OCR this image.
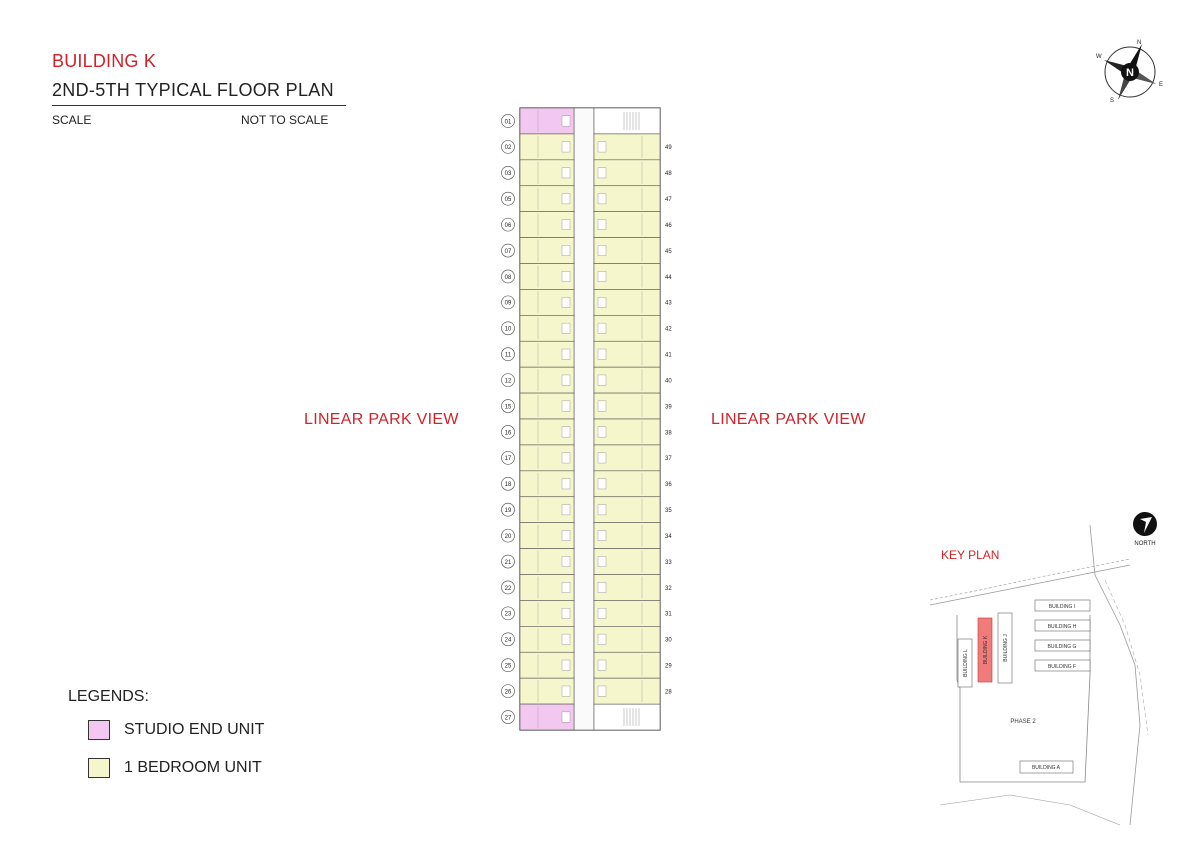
BUILDING K
2ND-5TH TYPICAL FLOOR PLAN
SCALE	NOT TO SCALE
N
N
E
S
W
LINEAR PARK VIEW	LINEAR PARK VIEW
01
02
03
05
06
07
08
09
10
11
12
15
16
17
18
19
20
21
22
23
24
25
26
27
49
48
47
46
45
44
43
42
41
40
39
38
37
36
35
34
33
32
31
30
29
28
LEGENDS:
STUDIO END UNIT
1 BEDROOM UNIT
KEY PLAN
NORTH
BUILDING I
BUILDING H
BUILDING G
BUILDING F
BUILDING L	BUILDING K	BUILDING J
PHASE 2
BUILDING A
